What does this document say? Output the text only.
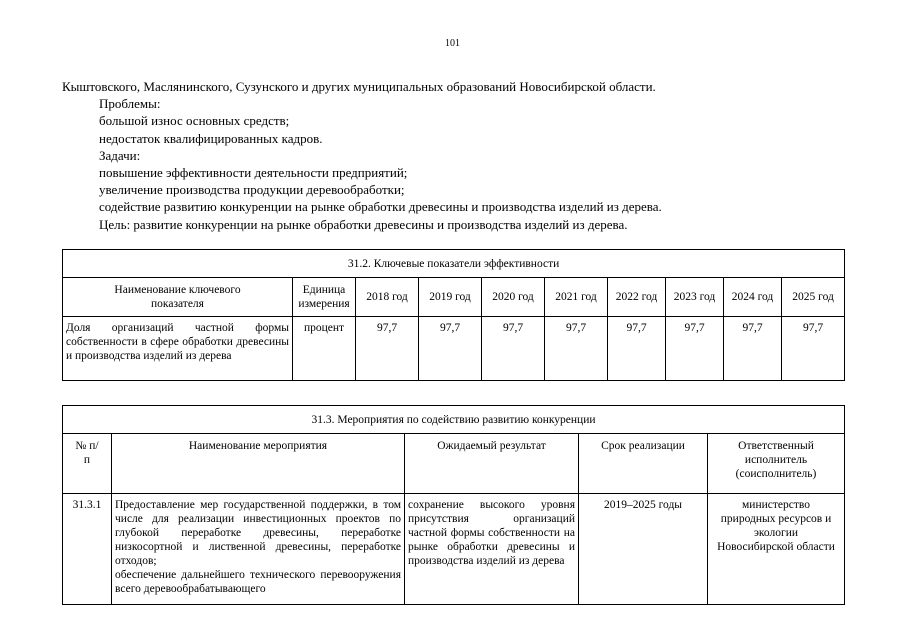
101
Кыштовского, Маслянинского, Сузунского и других муниципальных образований Новосибирской области.
Проблемы:
большой износ основных средств;
недостаток квалифицированных кадров.
Задачи:
повышение эффективности деятельности предприятий;
увеличение производства продукции деревообработки;
содействие развитию конкуренции на рынке обработки древесины и производства изделий из дерева.
Цель: развитие конкуренции на рынке обработки древесины и производства изделий из дерева.
31.2. Ключевые показатели эффективности									

Наименование ключевого показателя	Единица измерения	2018 год	2019 год	2020 год	2021 год	2022 год	2023 год	2024 год	2025 год
Доля организаций частной формы собственности в сфере обработки древесины и производства изделий из дерева	процент	97,7	97,7	97,7	97,7	97,7	97,7	97,7	97,7
31.3. Мероприятия по содействию развитию конкуренции				

№ п/п	Наименование мероприятия	Ожидаемый результат	Срок реализации	Ответственный исполнитель (соисполнитель)

31.3.1	Предоставление мер государственной поддержки, в том числе для реализации инвестиционных проектов по глубокой переработке древесины, переработке низкосортной и лиственной древесины, переработке отходов;
обеспечение дальнейшего технического перевооружения всего деревообрабатывающего	сохранение высокого уровня присутствия организаций частной формы собственности на рынке обработки древесины и производства изделий из дерева	2019–2025 годы	министерство природных ресурсов и экологии Новосибирской области
